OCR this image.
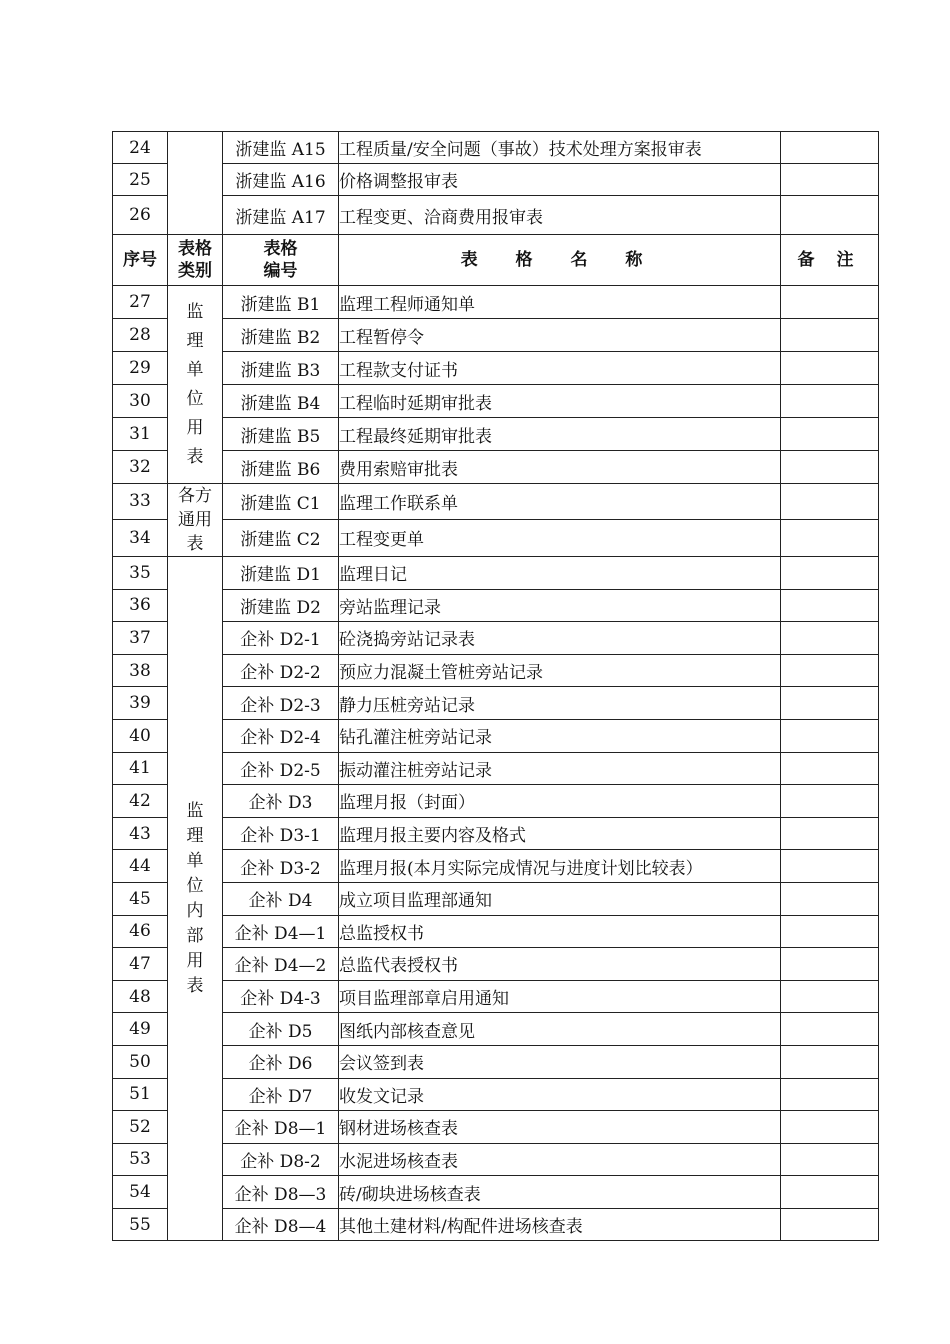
24		浙建监 A15	工程质量/安全问题（事故）技术处理方案报审表	
25		浙建监 A16	价格调整报审表	
26		浙建监 A17	工程变更、洽商费用报审表	
序号	表格类别	表格编号	表 格 名 称	备 注
27	监理单位用表	浙建监 B1	监理工程师通知单	
28		浙建监 B2	工程暂停令	
29		浙建监 B3	工程款支付证书	
30		浙建监 B4	工程临时延期审批表	
31		浙建监 B5	工程最终延期审批表	
32		浙建监 B6	费用索赔审批表	
33	各方通用表	浙建监 C1	监理工作联系单	
34		浙建监 C2	工程变更单	
35	监理单位内部用表	浙建监 D1	监理日记	
36		浙建监 D2	旁站监理记录	
37		企补 D2-1	砼浇捣旁站记录表	
38		企补 D2-2	预应力混凝土管桩旁站记录	
39		企补 D2-3	静力压桩旁站记录	
40		企补 D2-4	钻孔灌注桩旁站记录	
41		企补 D2-5	振动灌注桩旁站记录	
42		企补 D3	监理月报（封面）	
43		企补 D3-1	监理月报主要内容及格式	
44		企补 D3-2	监理月报(本月实际完成情况与进度计划比较表）	
45		企补 D4	成立项目监理部通知	
46		企补 D4—1	总监授权书	
47		企补 D4—2	总监代表授权书	
48		企补 D4-3	项目监理部章启用通知	
49		企补 D5	图纸内部核查意见	
50		企补 D6	会议签到表	
51		企补 D7	收发文记录	
52		企补 D8—1	钢材进场核查表	
53		企补 D8-2	水泥进场核查表	
54		企补 D8—3	砖/砌块进场核查表	
55		企补 D8—4	其他土建材料/构配件进场核查表	
